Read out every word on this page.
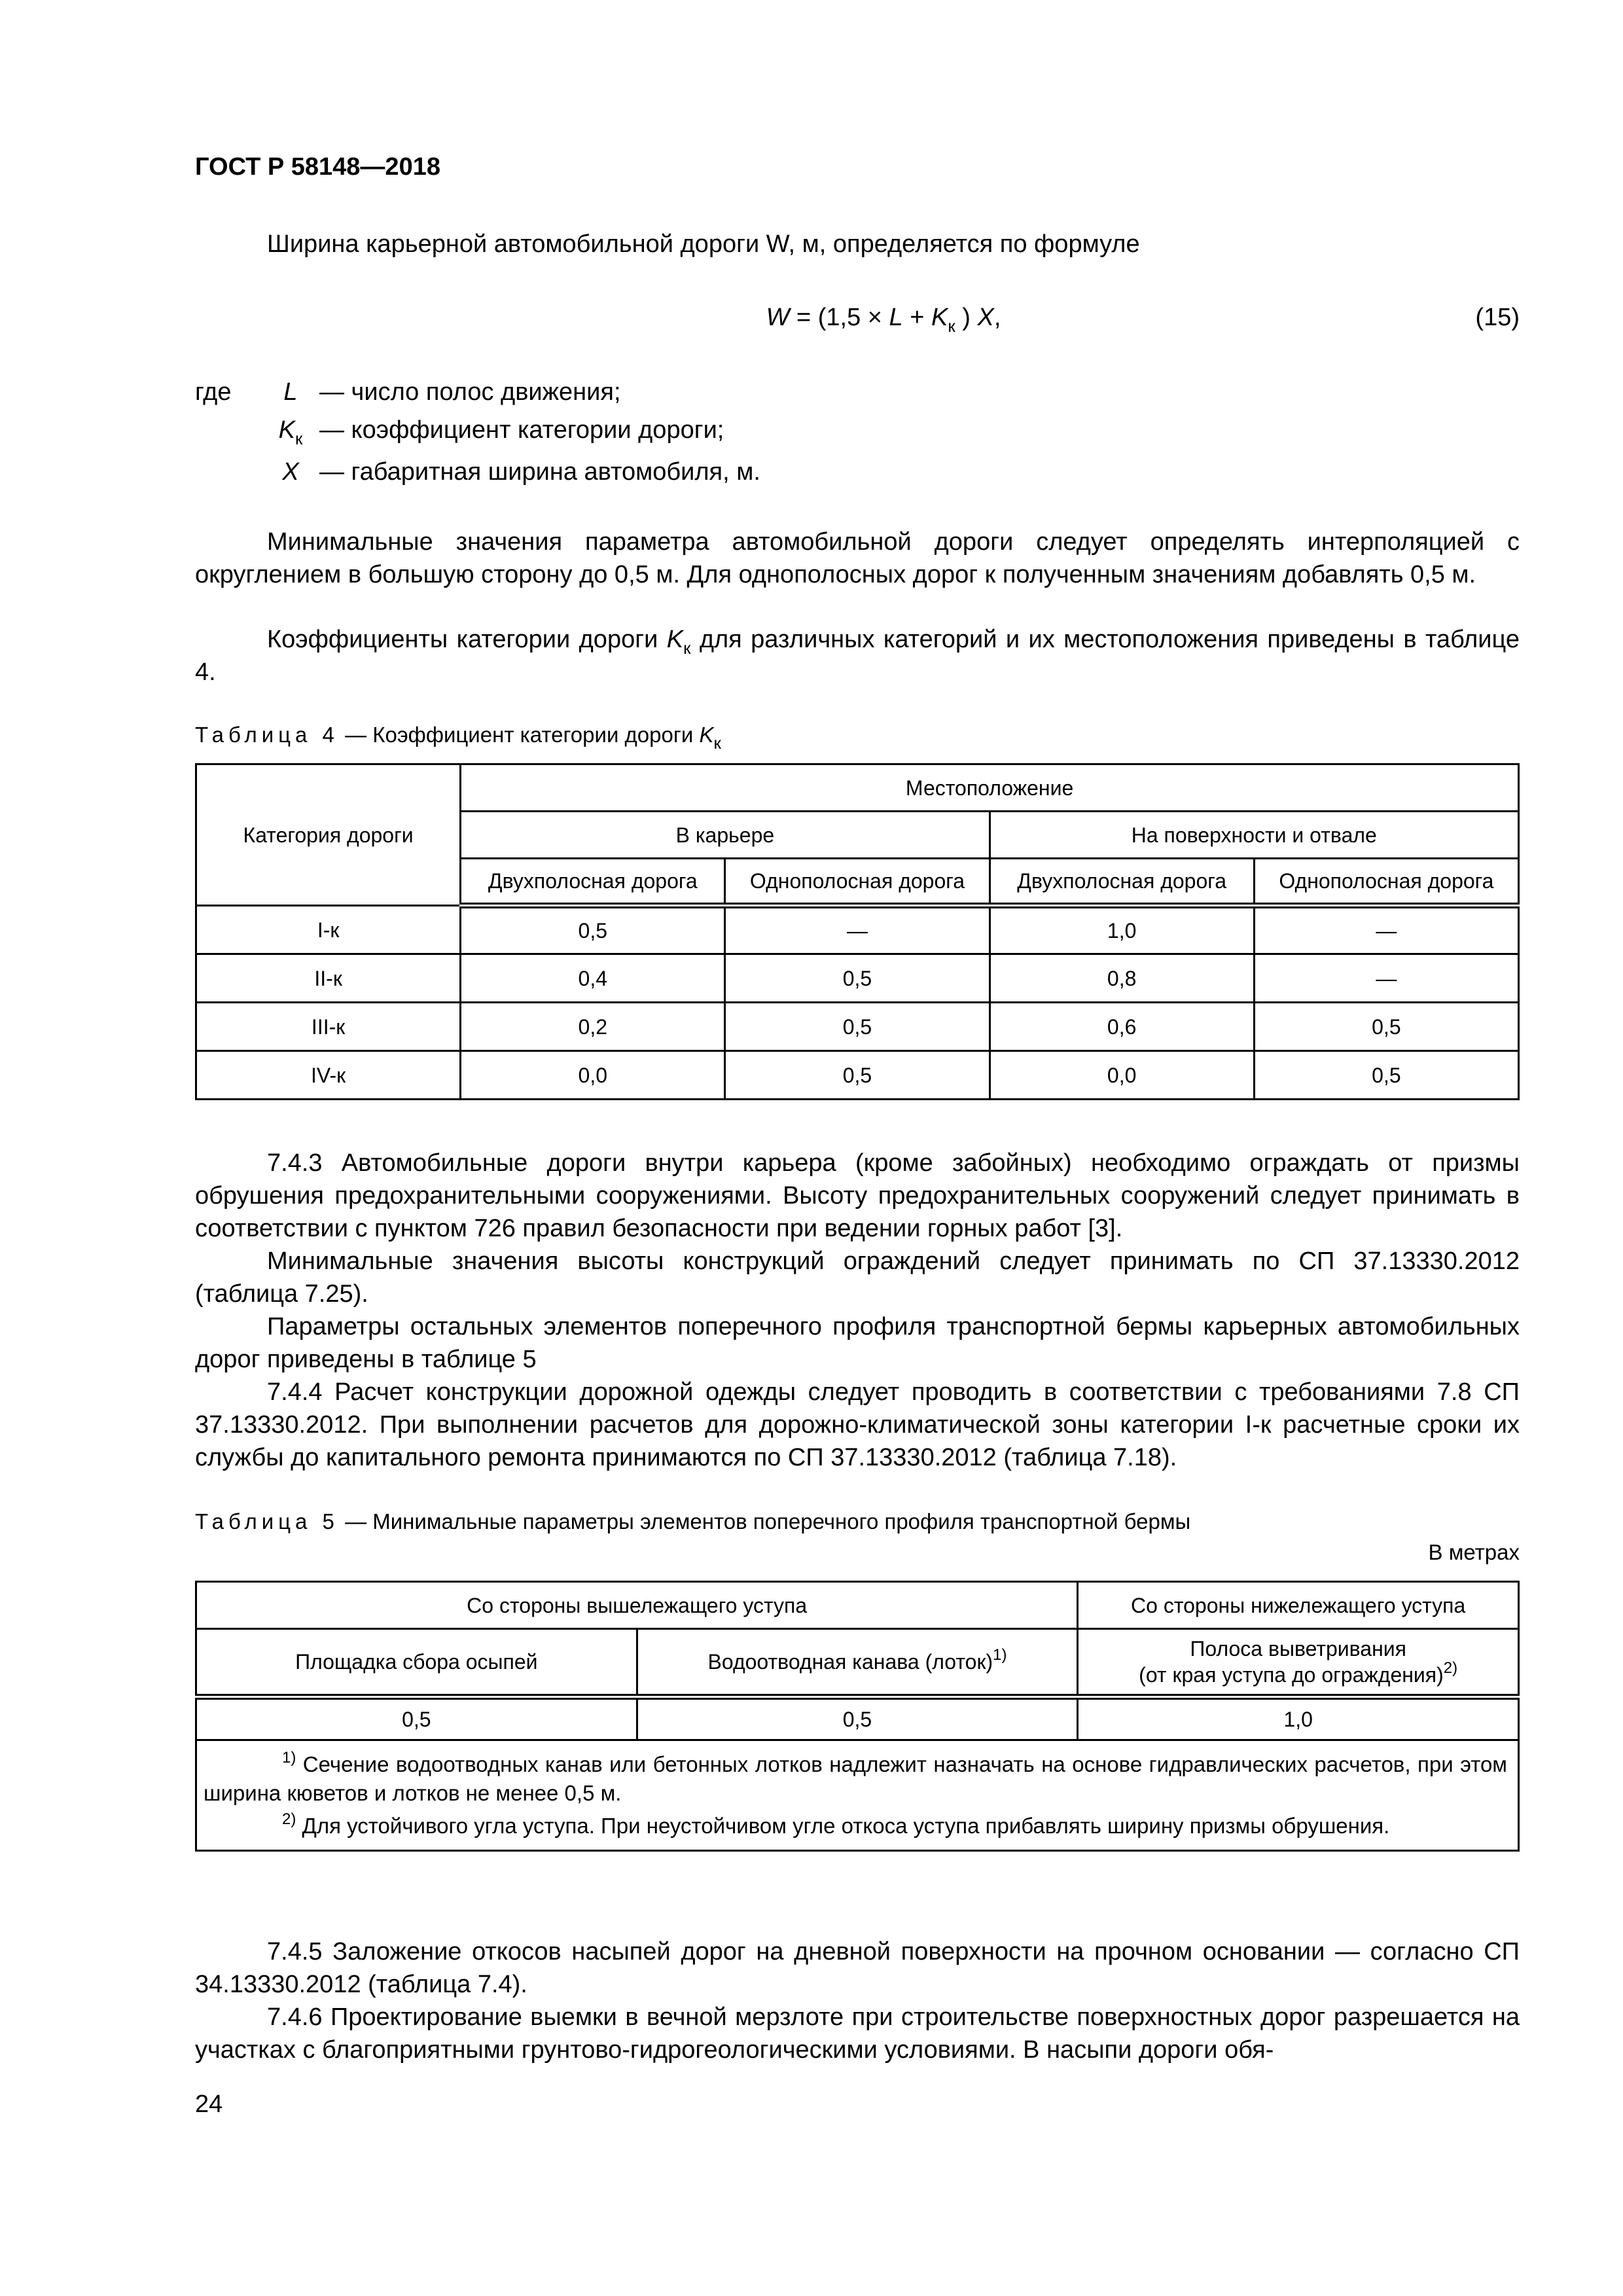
ГОСТ Р 58148—2018
Ширина карьерной автомобильной дороги W, м, определяется по формуле
$W = (1,5 \times L + K_к$ ) X,	(15)
где	L — число полос движения;
$K_к$ — коэффициент категории дороги;
X — габаритная ширина автомобиля, м.
Минимальные значения параметра автомобильной дороги следует определять интерполяцией с округлением в большую сторону до 0,5 м. Для однополосных дорог к полученным значениям добавлять 0,5 м.
Коэффициенты категории дороги $K_к$ для различных категорий и их местоположения приведены в таблице 4.
Таблица 4 — Коэффициент категории дороги $K_к$
Категория дороги	Местоположение			
	В карьере		На поверхности и отвале	
	Двухполосная дорога	Однополосная дорога	Двухполосная дорога	Однополосная дорога
I-к	0,5	—	1,0	—
II-к	0,4	0,5	0,8	—
III-к	0,2	0,5	0,6	0,5
IV-к	0,0	0,5	0,0	0,5

7.4.3 Автомобильные дороги внутри карьера (кроме забойных) необходимо ограждать от призмы обрушения предохранительными сооружениями. Высоту предохранительных сооружений следует принимать в соответствии с пунктом 726 правил безопасности при ведении горных работ [3].

Минимальные значения высоты конструкций ограждений следует принимать по СП 37.13330.2012 (таблица 7.25).

Параметры остальных элементов поперечного профиля транспортной бермы карьерных автомобильных дорог приведены в таблице 5

7.4.4 Расчет конструкции дорожной одежды следует проводить в соответствии с требованиями 7.8 СП 37.13330.2012. При выполнении расчетов для дорожно-климатической зоны категории I-к расчетные сроки их службы до капитального ремонта принимаются по СП 37.13330.2012 (таблица 7.18).

Таблица 5 — Минимальные параметры элементов поперечного профиля транспортной бермы
В метрах
Со стороны вышележащего уступа		Со стороны нижележащего уступа
Площадка сбора осыпей	Водоотводная канава (лоток)$^{1)}$	Полоса выветривания
(от края уступа до ограждения)$^{2)}$
0,5	0,5	1,0

$^{1)}$ Сечение водоотводных канав или бетонных лотков надлежит назначать на основе гидравлических расчетов, при этом ширина кюветов и лотков не менее 0,5 м.

$^{2)}$ Для устойчивого угла уступа. При неустойчивом угле откоса уступа прибавлять ширину призмы обрушения.		

7.4.5 Заложение откосов насыпей дорог на дневной поверхности на прочном основании — согласно СП 34.13330.2012 (таблица 7.4).

7.4.6 Проектирование выемки в вечной мерзлоте при строительстве поверхностных дорог разрешается на участках с благоприятными грунтово-гидрогеологическими условиями. В насыпи дороги обя-

24
